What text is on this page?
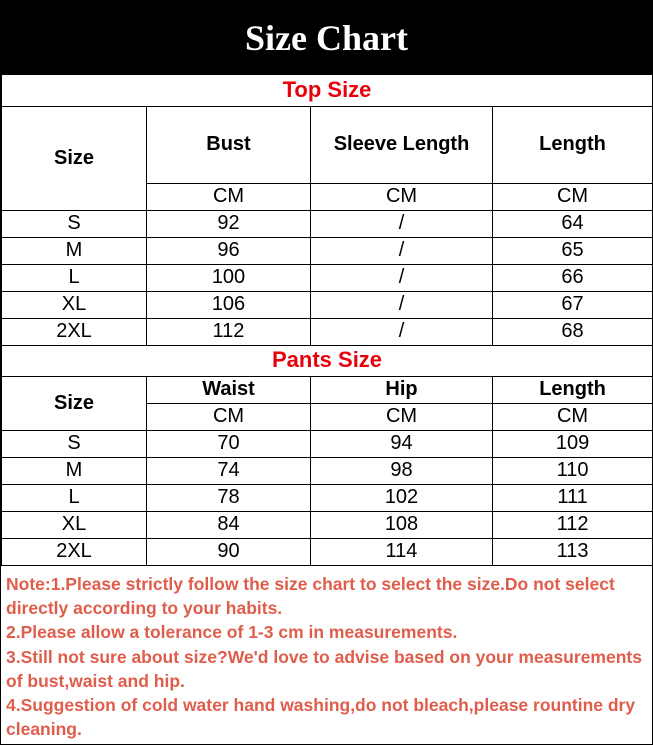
Size Chart
Top Size			
Size	Bust	Sleeve Length	Length
	CM	CM	CM
S	92	/	64
M	96	/	65
L	100	/	66
XL	106	/	67
2XL	112	/	68
Pants Size			
Size	Waist	Hip	Length
	CM	CM	CM
S	70	94	109
M	74	98	110
L	78	102	111
XL	84	108	112
2XL	90	114	113

Note:1.Please strictly follow the size chart to select the size.Do not select directly according to your habits.

2.Please allow a tolerance of 1-3 cm in measurements.

3.Still not sure about size?We'd love to advise based on your measurements of bust,waist and hip.

4.Suggestion of cold water hand washing,do not bleach,please rountine dry cleaning.
